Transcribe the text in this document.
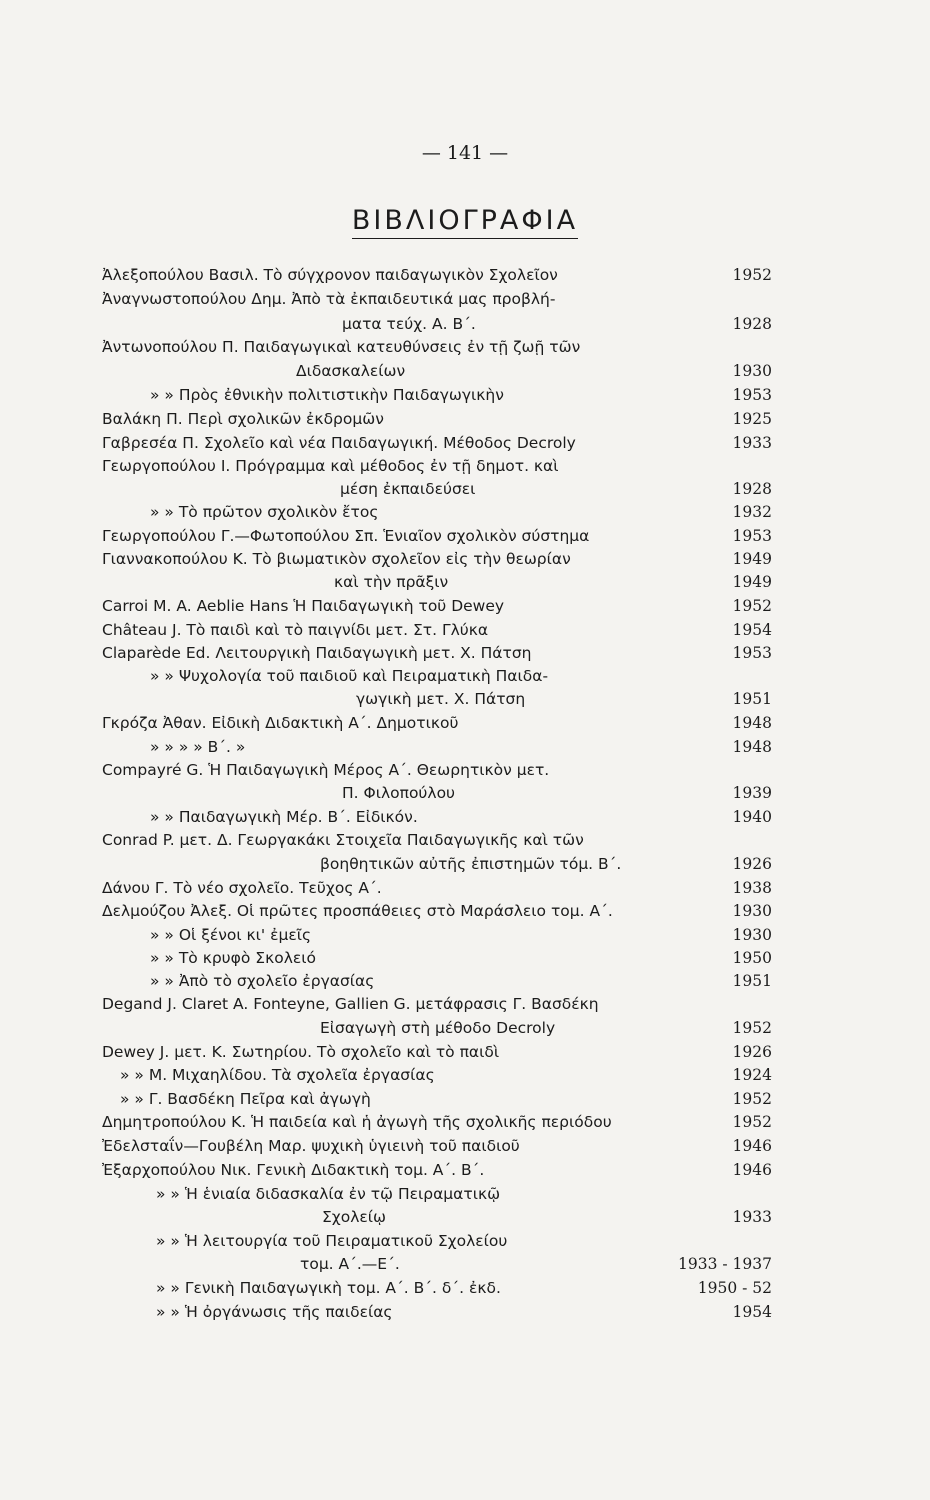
— 141 —
ΒΙΒΛΙΟΓΡΑΦΙΑ
Ἀλεξοπούλου Βασιλ. Τὸ σύγχρονον παιδαγωγικὸν Σχολεῖον	1952
Ἀναγνωστοπούλου Δημ. Ἀπὸ τὰ ἐκπαιδευτικά μας προβλή-
ματα τεύχ. Α. Β΄.	1928
Ἀντωνοπούλου Π. Παιδαγωγικαὶ κατευθύνσεις ἐν τῇ ζωῇ τῶν
Διδασκαλείων	1930
» » Πρὸς ἐθνικὴν πολιτιστικὴν Παιδαγωγικὴν	1953
Βαλάκη Π. Περὶ σχολικῶν ἐκδρομῶν	1925
Γαβρεσέα Π. Σχολεῖο καὶ νέα Παιδαγωγική. Μέθοδος Decroly	1933
Γεωργοπούλου Ι. Πρόγραμμα καὶ μέθοδος ἐν τῇ δημοτ. καὶ
μέση ἐκπαιδεύσει	1928
» » Τὸ πρῶτον σχολικὸν ἔτος	1932
Γεωργοπούλου Γ.—Φωτοπούλου Σπ. Ἑνιαῖον σχολικὸν σύστημα	1953
Γιαννακοπούλου Κ. Τὸ βιωματικὸν σχολεῖον εἰς τὴν θεωρίαν	1949
καὶ τὴν πρᾶξιν	1949
Carroi M. A. Aeblie Hans Ἡ Παιδαγωγικὴ τοῦ Dewey	1952
Château J. Τὸ παιδὶ καὶ τὸ παιγνίδι μετ. Στ. Γλύκα	1954
Claparède Ed. Λειτουργικὴ Παιδαγωγικὴ μετ. Χ. Πάτση	1953
» » Ψυχολογία τοῦ παιδιοῦ καὶ Πειραματικὴ Παιδα-
γωγικὴ μετ. Χ. Πάτση	1951
Γκρόζα Ἀθαν. Εἰδικὴ Διδακτικὴ Α΄. Δημοτικοῦ	1948
» » » » Β΄. »	1948
Compayré G. Ἡ Παιδαγωγικὴ Μέρος Α΄. Θεωρητικὸν μετ.
Π. Φιλοπούλου	1939
» » Παιδαγωγικὴ Μέρ. Β΄. Εἰδικόν.	1940
Conrad P. μετ. Δ. Γεωργακάκι Στοιχεῖα Παιδαγωγικῆς καὶ τῶν
βοηθητικῶν αὐτῆς ἐπιστημῶν τόμ. Β΄.	1926
Δάνου Γ. Τὸ νέο σχολεῖο. Τεῦχος Α΄.	1938
Δελμούζου Ἀλεξ. Οἱ πρῶτες προσπάθειες στὸ Μαράσλειο τομ. Α΄.	1930
» » Οἱ ξένοι κι' ἐμεῖς	1930
» » Τὸ κρυφὸ Σκολειό	1950
» » Ἀπὸ τὸ σχολεῖο ἐργασίας	1951
Degand J. Claret A. Fonteyne, Gallien G. μετάφρασις Γ. Βασδέκη
Εἰσαγωγὴ στὴ μέθοδο Decroly	1952
Dewey J. μετ. Κ. Σωτηρίου. Τὸ σχολεῖο καὶ τὸ παιδὶ	1926
» » Μ. Μιχαηλίδου. Τὰ σχολεῖα ἐργασίας	1924
» » Γ. Βασδέκη Πεῖρα καὶ ἀγωγὴ	1952
Δημητροπούλου Κ. Ἡ παιδεία καὶ ἡ ἀγωγὴ τῆς σχολικῆς περιόδου	1952
Ἐδελσταΐν—Γουβέλη Μαρ. ψυχικὴ ὑγιεινὴ τοῦ παιδιοῦ	1946
Ἐξαρχοπούλου Νικ. Γενικὴ Διδακτικὴ τομ. Α΄. Β΄.	1946
» » Ἡ ἑνιαία διδασκαλία ἐν τῷ Πειραματικῷ
Σχολείῳ	1933
» » Ἡ λειτουργία τοῦ Πειραματικοῦ Σχολείου
τομ. Α΄.—Ε΄.	1933 - 1937
» » Γενικὴ Παιδαγωγικὴ τομ. Α΄. Β΄. δ΄. ἐκδ.	1950 - 52
» » Ἡ ὀργάνωσις τῆς παιδείας	1954
